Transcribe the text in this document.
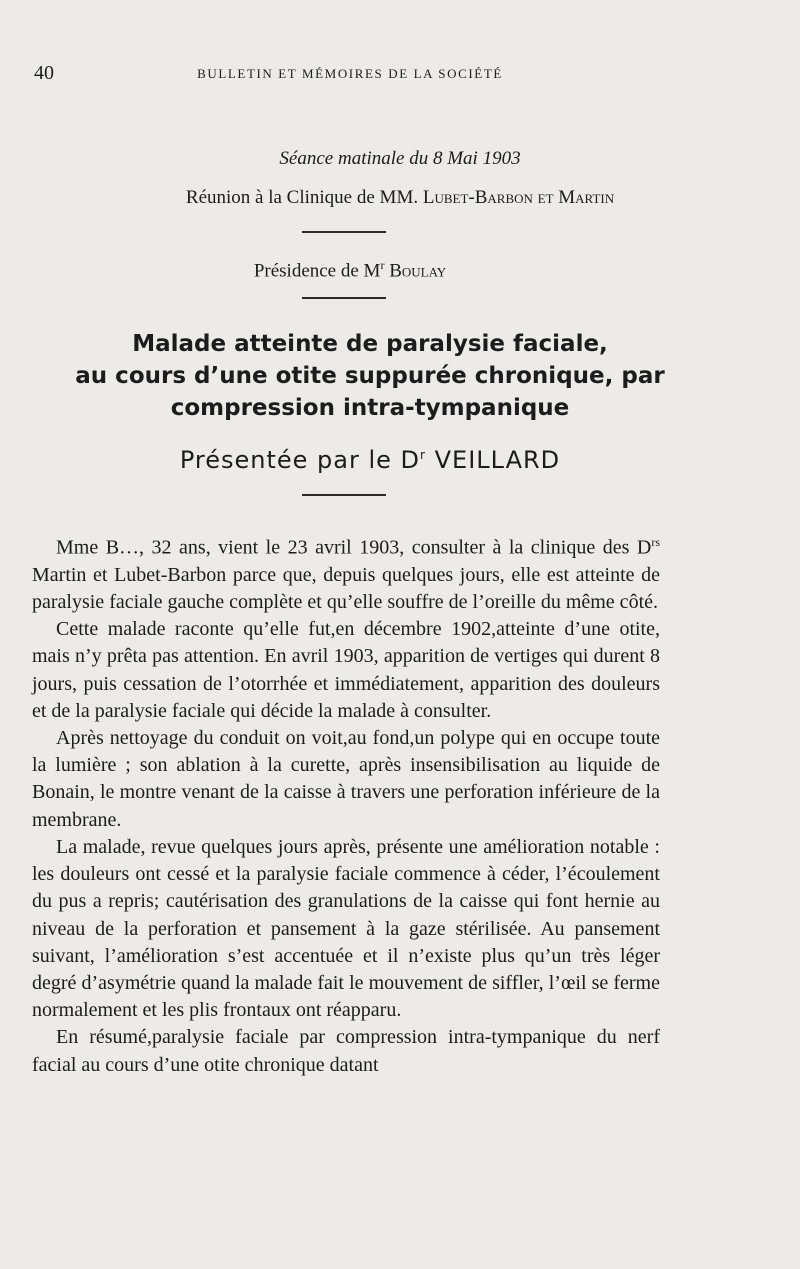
40	BULLETIN ET MÉMOIRES DE LA SOCIÉTÉ
Séance matinale du 8 Mai 1903
Réunion à la Clinique de MM. Lubet-Barbon et Martin
Présidence de $M^r$ Boulay
Malade atteinte de paralysie faciale,
au cours d’une otite suppurée chronique, par
compression intra-tympanique
Présentée par le $D^r$ VEILLARD

Mme B…, 32 ans, vient le 23 avril 1903, consulter à la clinique des $D^{rs}$ Martin et Lubet-Barbon parce que, depuis quelques jours, elle est atteinte de paralysie faciale gauche complète et qu’elle souffre de l’oreille du même côté.

Cette malade raconte qu’elle fut,en décembre 1902,atteinte d’une otite, mais n’y prêta pas attention. En avril 1903, apparition de vertiges qui durent 8 jours, puis cessation de l’otorrhée et immédiatement, apparition des douleurs et de la paralysie faciale qui décide la malade à consulter.

Après nettoyage du conduit on voit,au fond,un polype qui en occupe toute la lumière ; son ablation à la curette, après insensibilisation au liquide de Bonain, le montre venant de la caisse à travers une perforation inférieure de la membrane.

La malade, revue quelques jours après, présente une amélioration notable : les douleurs ont cessé et la paralysie faciale commence à céder, l’écoulement du pus a repris; cautérisation des granulations de la caisse qui font hernie au niveau de la perforation et pansement à la gaze stérilisée. Au pansement suivant, l’amélioration s’est accentuée et il n’existe plus qu’un très léger degré d’asymétrie quand la malade fait le mouvement de siffler, l’œil se ferme normalement et les plis frontaux ont réapparu.

En résumé,paralysie faciale par compression intra-tympanique du nerf facial au cours d’une otite chronique datant
